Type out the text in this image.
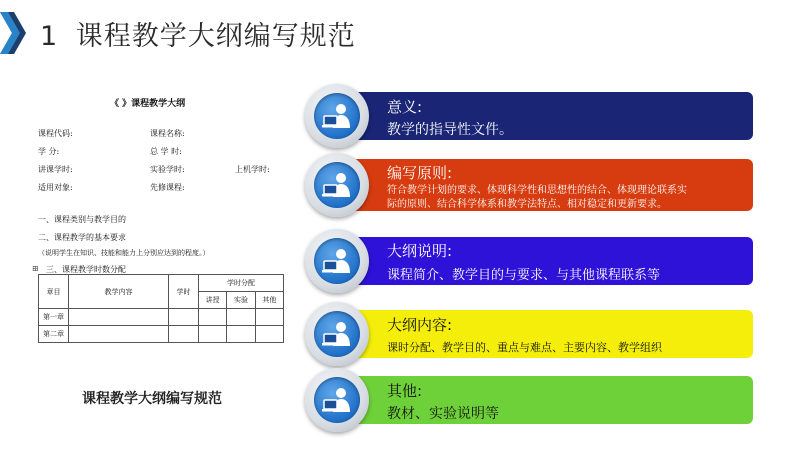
1 课程教学大纲编写规范
《 》课程教学大纲
课程代码:	课程名称:
学 分:	总 学 时:
讲课学时:	实验学时:	上机学时:
适用对象:	先修课程:
一、课程类别与教学目的
二、课程教学的基本要求
（说明学生在知识、技能和能力上分别应达到的程度。）
⊞ 三、课程教学时数分配
章目	教学内容	学时	学时分配		
			讲授	实验	其他
第一章					
第二章					
课程教学大纲编写规范
意义:
教学的指导性文件。
编写原则:
符合教学计划的要求、体现科学性和思想性的结合、体现理论联系实
际的原则、结合科学体系和教学法特点、相对稳定和更新要求。
大纲说明:
课程简介、教学目的与要求、与其他课程联系等
大纲内容:
课时分配、教学目的、重点与难点、主要内容、教学组织
其他:
教材、实验说明等
